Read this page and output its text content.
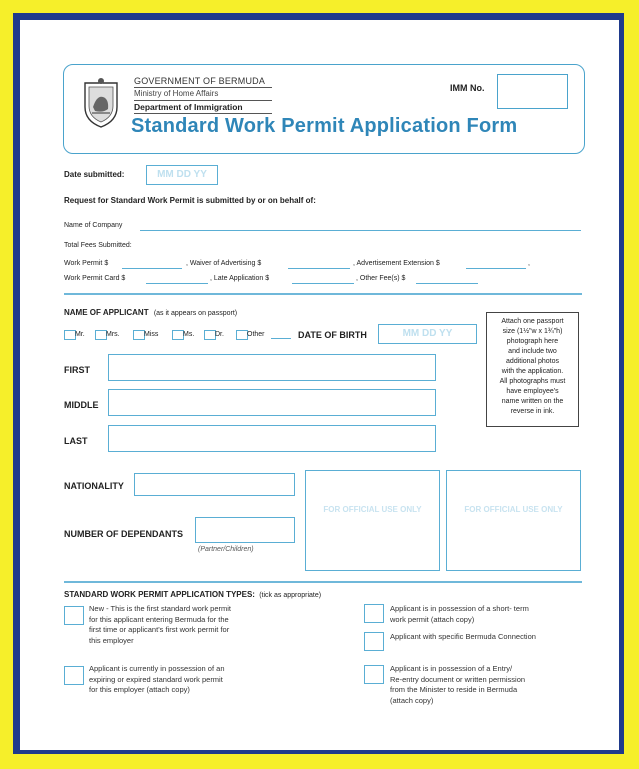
GOVERNMENT OF BERMUDA
Ministry of Home Affairs
Department of Immigration
Standard Work Permit Application Form
IMM No.
Date submitted:	MM DD YY
Request for Standard Work Permit is submitted by or on behalf of:
Name of Company
Total Fees Submitted:
Work Permit $	, Waiver of Advertising $	, Advertisement Extension $	,
Work Permit Card $	, Late Application $	, Other Fee(s) $
NAME OF APPLICANT (as it appears on passport)
Mr.	Mrs.	Miss	Ms.	Dr.	Other	DATE OF BIRTH	MM DD YY
FIRST
MIDDLE
LAST
Attach one passport
size (1½"w x 1¾"h)
photograph here
and include two
additional photos
with the application.
All photographs must
have employee's
name written on the
reverse in ink.
NATIONALITY
NUMBER OF DEPENDANTS
(Partner/Children)
FOR OFFICIAL USE ONLY	FOR OFFICIAL USE ONLY
STANDARD WORK PERMIT APPLICATION TYPES: (tick as appropriate)
New - This is the first standard work permit
for this applicant entering Bermuda for the
first time or applicant's first work permit for
this employer
Applicant is currently in possession of an
expiring or expired standard work permit
for this employer (attach copy)
Applicant is in possession of a short- term
work permit (attach copy)
Applicant with specific Bermuda Connection
Applicant is in possession of a Entry/
Re-entry document or written permission
from the Minister to reside in Bermuda
(attach copy)
